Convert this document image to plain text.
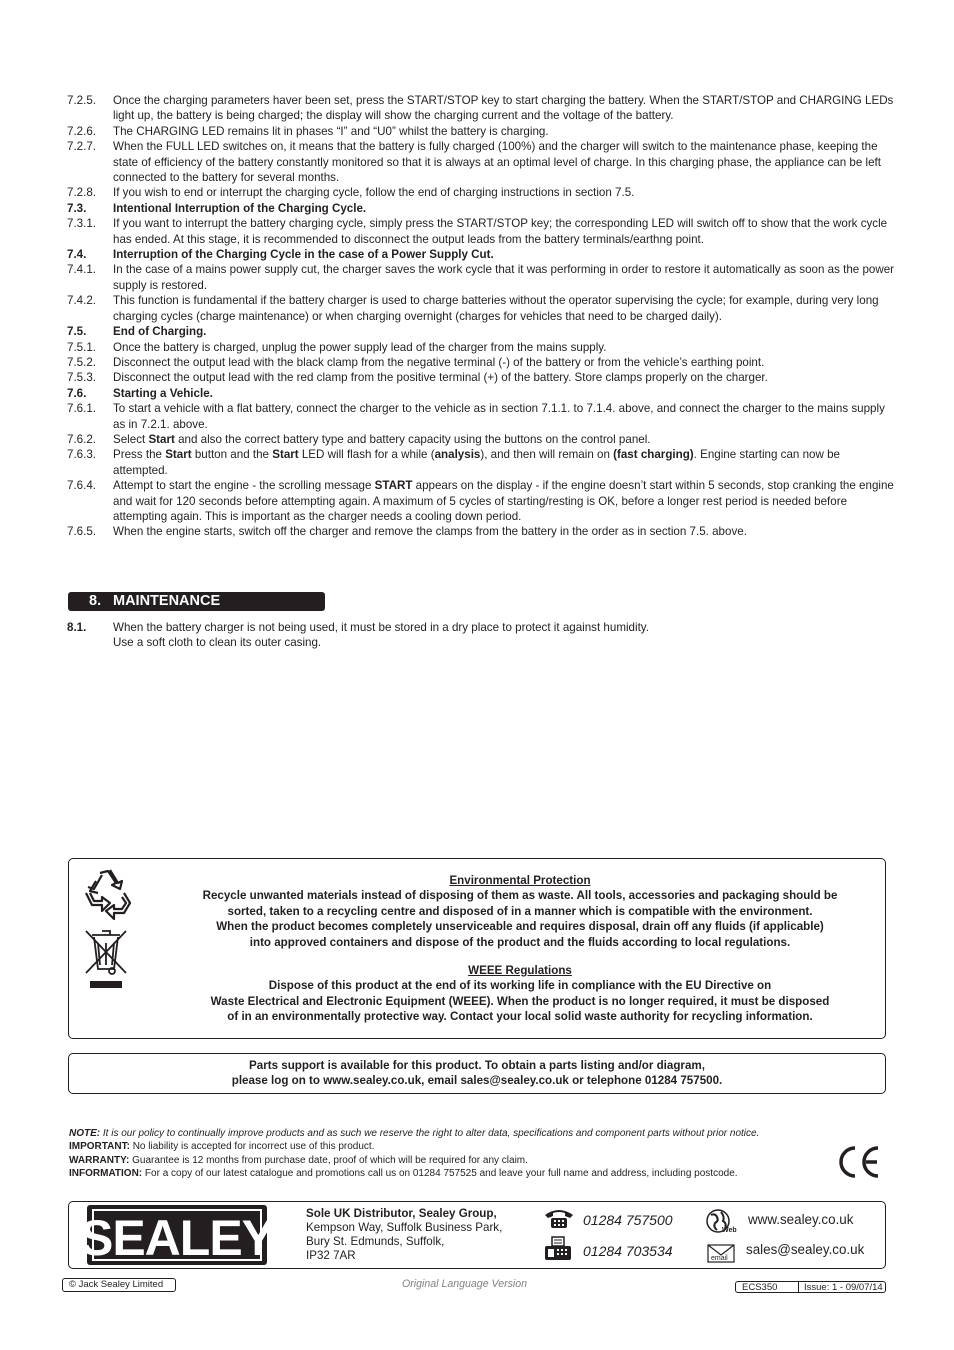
7.2.5.	Once the charging parameters haver been set, press the START/STOP key to start charging the battery. When the START/STOP and CHARGING LEDs light up, the battery is being charged; the display will show the charging current and the voltage of the battery.
7.2.6.	The CHARGING LED remains lit in phases “I” and “U0” whilst the battery is charging.
7.2.7.	When the FULL LED switches on, it means that the battery is fully charged (100%) and the charger will switch to the maintenance phase, keeping the state of efficiency of the battery constantly monitored so that it is always at an optimal level of charge. In this charging phase, the appliance can be left connected to the battery for several months.
7.2.8.	If you wish to end or interrupt the charging cycle, follow the end of charging instructions in section 7.5.
7.3.	Intentional Interruption of the Charging Cycle.
7.3.1.	If you want to interrupt the battery charging cycle, simply press the START/STOP key; the corresponding LED will switch off to show that the work cycle has ended. At this stage, it is recommended to disconnect the output leads from the battery terminals/earthng point.
7.4.	Interruption of the Charging Cycle in the case of a Power Supply Cut.
7.4.1.	In the case of a mains power supply cut, the charger saves the work cycle that it was performing in order to restore it automatically as soon as the power supply is restored.
7.4.2.	This function is fundamental if the battery charger is used to charge batteries without the operator supervising the cycle; for example, during very long charging cycles (charge maintenance) or when charging overnight (charges for vehicles that need to be charged daily).
7.5.	End of Charging.
7.5.1.	Once the battery is charged, unplug the power supply lead of the charger from the mains supply.
7.5.2.	Disconnect the output lead with the black clamp from the negative terminal (-) of the battery or from the vehicle’s earthing point.
7.5.3.	Disconnect the output lead with the red clamp from the positive terminal (+) of the battery. Store clamps properly on the charger.
7.6.	Starting a Vehicle.
7.6.1.	To start a vehicle with a flat battery, connect the charger to the vehicle as in section 7.1.1. to 7.1.4. above, and connect the charger to the mains supply as in 7.2.1. above.
7.6.2.	Select Start and also the correct battery type and battery capacity using the buttons on the control panel.
7.6.3.	Press the Start button and the Start LED will flash for a while (analysis), and then will remain on (fast charging). Engine starting can now be attempted.
7.6.4.	Attempt to start the engine - the scrolling message START appears on the display - if the engine doesn’t start within 5 seconds, stop cranking the engine and wait for 120 seconds before attempting again. A maximum of 5 cycles of starting/resting is OK, before a longer rest period is needed before attempting again. This is important as the charger needs a cooling down period.
7.6.5.	When the engine starts, switch off the charger and remove the clamps from the battery in the order as in section 7.5. above.
8. MAINTENANCE
8.1.	When the battery charger is not being used, it must be stored in a dry place to protect it against humidity.
Use a soft cloth to clean its outer casing.
Environmental Protection
Recycle unwanted materials instead of disposing of them as waste. All tools, accessories and packaging should be
sorted, taken to a recycling centre and disposed of in a manner which is compatible with the environment.
When the product becomes completely unserviceable and requires disposal, drain off any fluids (if applicable)
into approved containers and dispose of the product and the fluids according to local regulations.
WEEE Regulations
Dispose of this product at the end of its working life in compliance with the EU Directive on
Waste Electrical and Electronic Equipment (WEEE). When the product is no longer required, it must be disposed
of in an environmentally protective way. Contact your local solid waste authority for recycling information.
Parts support is available for this product. To obtain a parts listing and/or diagram,
please log on to www.sealey.co.uk, email sales@sealey.co.uk or telephone 01284 757500.
NOTE: It is our policy to continually improve products and as such we reserve the right to alter data, specifications and component parts without prior notice.
IMPORTANT: No liability is accepted for incorrect use of this product.
WARRANTY: Guarantee is 12 months from purchase date, proof of which will be required for any claim.
INFORMATION: For a copy of our latest catalogue and promotions call us on 01284 757525 and leave your full name and address, including postcode.
SEALEY	Sole UK Distributor, Sealey Group,
Kempson Way, Suffolk Business Park,
Bury St. Edmunds, Suffolk,
IP32 7AR
01284 757500
01284 703534
Web
www.sealey.co.uk
email
sales@sealey.co.uk
© Jack Sealey Limited	Original Language Version	ECS350	Issue: 1 - 09/07/14
